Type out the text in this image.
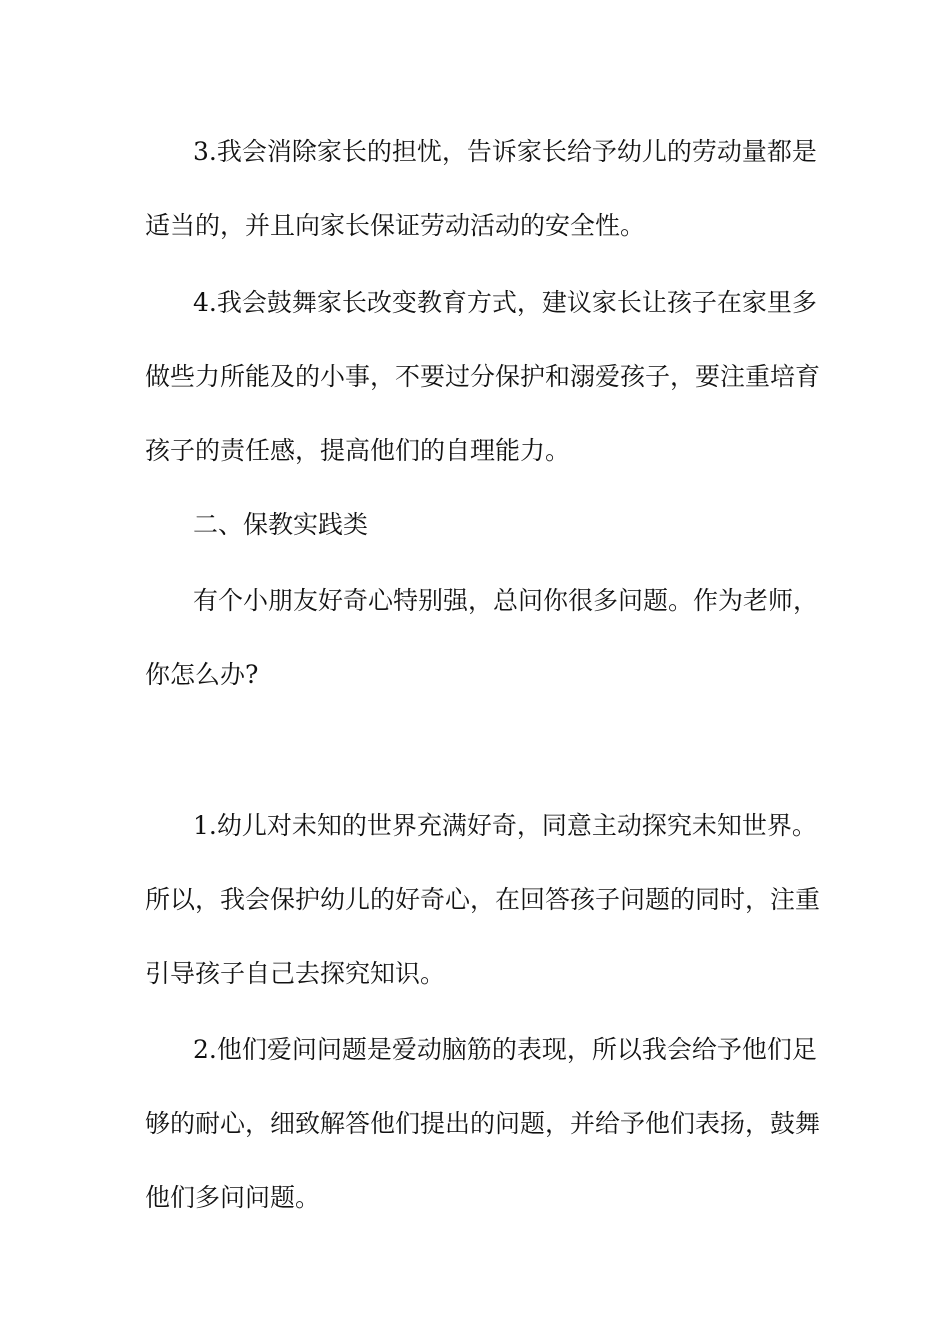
3.我会消除家长的担忧，告诉家长给予幼儿的劳动量都是
适当的，并且向家长保证劳动活动的安全性。
4.我会鼓舞家长改变教育方式，建议家长让孩子在家里多
做些力所能及的小事，不要过分保护和溺爱孩子，要注重培育
孩子的责任感，提高他们的自理能力。
二、保教实践类
有个小朋友好奇心特别强，总问你很多问题。作为老师，
你怎么办?
1.幼儿对未知的世界充满好奇，同意主动探究未知世界。
所以，我会保护幼儿的好奇心，在回答孩子问题的同时，注重
引导孩子自己去探究知识。
2.他们爱问问题是爱动脑筋的表现，所以我会给予他们足
够的耐心，细致解答他们提出的问题，并给予他们表扬，鼓舞
他们多问问题。
